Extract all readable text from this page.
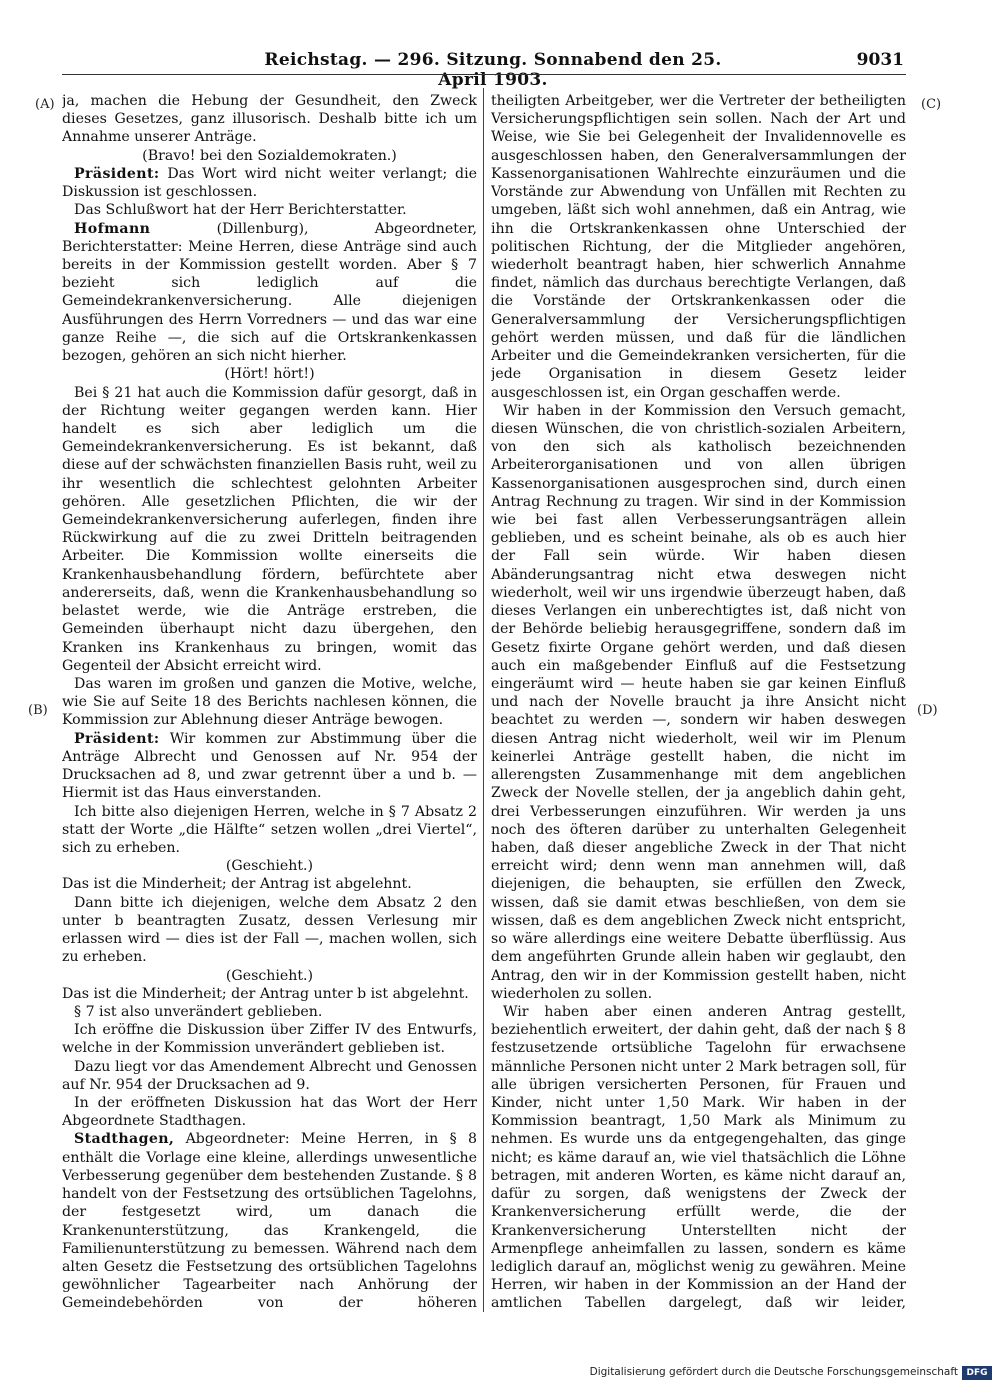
Reichstag. — 296. Sitzung. Sonnabend den 25. April 1903.
9031
(A)
(B)
(C)
(D)

ja, machen die Hebung der Gesundheit, den Zweck dieses Gesetzes, ganz illusorisch. Deshalb bitte ich um Annahme unserer Anträge.

(Bravo! bei den Sozialdemokraten.)

Präsident: Das Wort wird nicht weiter verlangt; die Diskussion ist geschlossen.

Das Schlußwort hat der Herr Berichterstatter.

Hofmann (Dillenburg), Abgeordneter, Berichterstatter: Meine Herren, diese Anträge sind auch bereits in der Kommission gestellt worden. Aber § 7 bezieht sich lediglich auf die Gemeindekrankenversicherung. Alle diejenigen Ausführungen des Herrn Vorredners — und das war eine ganze Reihe —, die sich auf die Ortskrankenkassen bezogen, gehören an sich nicht hierher.

(Hört! hört!)

Bei § 21 hat auch die Kommission dafür gesorgt, daß in der Richtung weiter gegangen werden kann. Hier handelt es sich aber lediglich um die Gemeindekrankenversicherung. Es ist bekannt, daß diese auf der schwächsten finanziellen Basis ruht, weil zu ihr wesentlich die schlechtest gelohnten Arbeiter gehören. Alle gesetzlichen Pflichten, die wir der Gemeindekrankenversicherung auferlegen, finden ihre Rückwirkung auf die zu zwei Dritteln beitragenden Arbeiter. Die Kommission wollte einerseits die Krankenhausbehandlung fördern, befürchtete aber andererseits, daß, wenn die Krankenhausbehandlung so belastet werde, wie die Anträge erstreben, die Gemeinden überhaupt nicht dazu übergehen, den Kranken ins Krankenhaus zu bringen, womit das Gegenteil der Absicht erreicht wird.

Das waren im großen und ganzen die Motive, welche, wie Sie auf Seite 18 des Berichts nachlesen können, die Kommission zur Ablehnung dieser Anträge bewogen.

Präsident: Wir kommen zur Abstimmung über die Anträge Albrecht und Genossen auf Nr. 954 der Drucksachen ad 8, und zwar getrennt über a und b. — Hiermit ist das Haus einverstanden.

Ich bitte also diejenigen Herren, welche in § 7 Absatz 2 statt der Worte „die Hälfte“ setzen wollen „drei Viertel“, sich zu erheben.

(Geschieht.)

Das ist die Minderheit; der Antrag ist abgelehnt.

Dann bitte ich diejenigen, welche dem Absatz 2 den unter b beantragten Zusatz, dessen Verlesung mir erlassen wird — dies ist der Fall —, machen wollen, sich zu erheben.

(Geschieht.)

Das ist die Minderheit; der Antrag unter b ist abgelehnt.

§ 7 ist also unverändert geblieben.

Ich eröffne die Diskussion über Ziffer IV des Entwurfs, welche in der Kommission unverändert geblieben ist.

Dazu liegt vor das Amendement Albrecht und Genossen auf Nr. 954 der Drucksachen ad 9.

In der eröffneten Diskussion hat das Wort der Herr Abgeordnete Stadthagen.

Stadthagen, Abgeordneter: Meine Herren, in § 8 enthält die Vorlage eine kleine, allerdings unwesentliche Verbesserung gegenüber dem bestehenden Zustande. § 8 handelt von der Festsetzung des ortsüblichen Tagelohns, der festgesetzt wird, um danach die Krankenunterstützung, das Krankengeld, die Familienunterstützung zu bemessen. Während nach dem alten Gesetz die Festsetzung des ortsüblichen Tagelohns gewöhnlicher Tagearbeiter nach Anhörung der Gemeindebehörden von der höheren

theiligten Arbeitgeber, wer die Vertreter der betheiligten Versicherungspflichtigen sein sollen. Nach der Art und Weise, wie Sie bei Gelegenheit der Invalidennovelle es ausgeschlossen haben, den Generalversammlungen der Kassenorganisationen Wahlrechte einzuräumen und die Vorstände zur Abwendung von Unfällen mit Rechten zu umgeben, läßt sich wohl annehmen, daß ein Antrag, wie ihn die Ortskrankenkassen ohne Unterschied der politischen Richtung, der die Mitglieder angehören, wiederholt beantragt haben, hier schwerlich Annahme findet, nämlich das durchaus berechtigte Verlangen, daß die Vorstände der Ortskrankenkassen oder die Generalversammlung der Versicherungspflichtigen gehört werden müssen, und daß für die ländlichen Arbeiter und die Gemeindekranken versicherten, für die jede Organisation in diesem Gesetz leider ausgeschlossen ist, ein Organ geschaffen werde.

Wir haben in der Kommission den Versuch gemacht, diesen Wünschen, die von christlich-sozialen Arbeitern, von den sich als katholisch bezeichnenden Arbeiterorganisationen und von allen übrigen Kassenorganisationen ausgesprochen sind, durch einen Antrag Rechnung zu tragen. Wir sind in der Kommission wie bei fast allen Verbesserungsanträgen allein geblieben, und es scheint beinahe, als ob es auch hier der Fall sein würde. Wir haben diesen Abänderungsantrag nicht etwa deswegen nicht wiederholt, weil wir uns irgendwie überzeugt haben, daß dieses Verlangen ein unberechtigtes ist, daß nicht von der Behörde beliebig herausgegriffene, sondern daß im Gesetz fixirte Organe gehört werden, und daß diesen auch ein maßgebender Einfluß auf die Festsetzung eingeräumt wird — heute haben sie gar keinen Einfluß und nach der Novelle braucht ja ihre Ansicht nicht beachtet zu werden —, sondern wir haben deswegen diesen Antrag nicht wiederholt, weil wir im Plenum keinerlei Anträge gestellt haben, die nicht im allerengsten Zusammenhange mit dem angeblichen Zweck der Novelle stellen, der ja angeblich dahin geht, drei Verbesserungen einzuführen. Wir werden ja uns noch des öfteren darüber zu unterhalten Gelegenheit haben, daß dieser angebliche Zweck in der That nicht erreicht wird; denn wenn man annehmen will, daß diejenigen, die behaupten, sie erfüllen den Zweck, wissen, daß sie damit etwas beschließen, von dem sie wissen, daß es dem angeblichen Zweck nicht entspricht, so wäre allerdings eine weitere Debatte überflüssig. Aus dem angeführten Grunde allein haben wir geglaubt, den Antrag, den wir in der Kommission gestellt haben, nicht wiederholen zu sollen.

Wir haben aber einen anderen Antrag gestellt, beziehentlich erweitert, der dahin geht, daß der nach § 8 festzusetzende ortsübliche Tagelohn für erwachsene männliche Personen nicht unter 2 Mark betragen soll, für alle übrigen versicherten Personen, für Frauen und Kinder, nicht unter 1,50 Mark. Wir haben in der Kommission beantragt, 1,50 Mark als Minimum zu nehmen. Es wurde uns da entgegengehalten, das ginge nicht; es käme darauf an, wie viel thatsächlich die Löhne betragen, mit anderen Worten, es käme nicht darauf an, dafür zu sorgen, daß wenigstens der Zweck der Krankenversicherung erfüllt werde, die der Krankenversicherung Unterstellten nicht der Armenpflege anheimfallen zu lassen, sondern es käme lediglich darauf an, möglichst wenig zu gewähren. Meine Herren, wir haben in der Kommission an der Hand der amtlichen Tabellen dargelegt, daß wir leider,

Digitalisierung gefördert durch die Deutsche Forschungsgemeinschaft DFG
